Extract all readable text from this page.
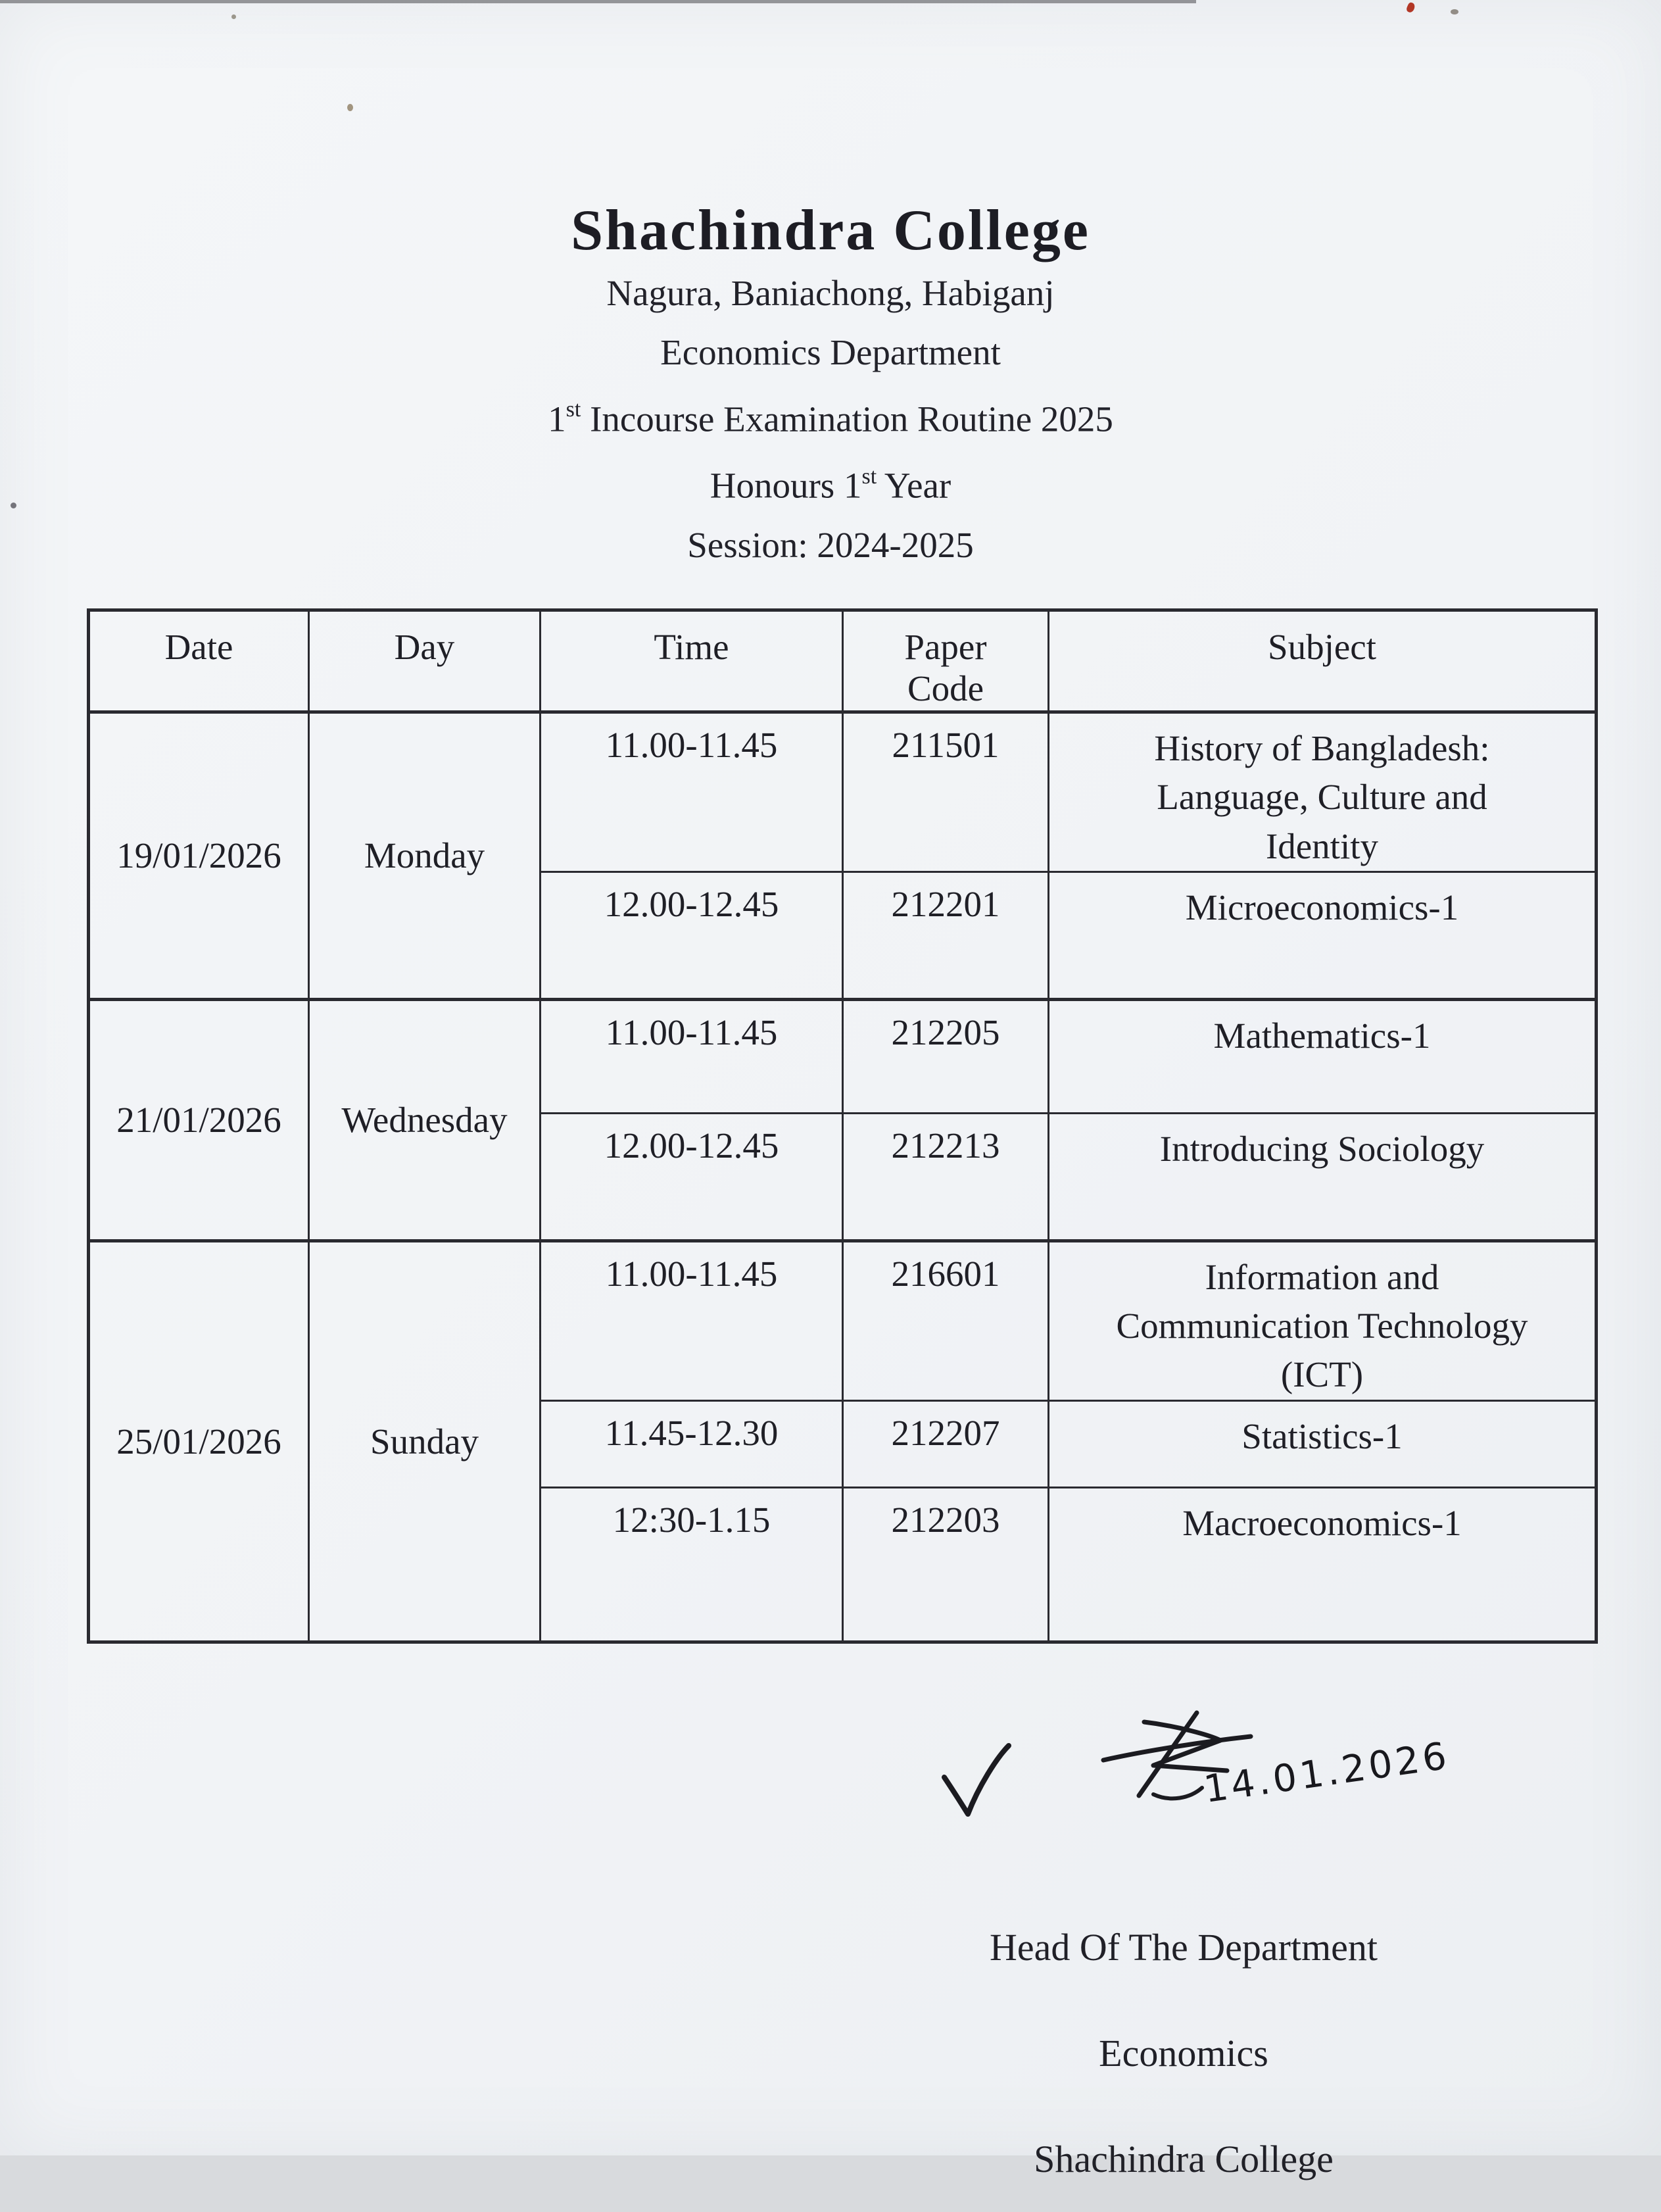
Shachindra College
Nagura, Baniachong, Habiganj
Economics Department
1st Incourse Examination Routine 2025
Honours 1st Year
Session: 2024-2025
Date	Day	Time	Paper Code	Subject
19/01/2026	Monday	11.00-11.45	211501	History of Bangladesh: Language, Culture and Identity
		12.00-12.45	212201	Microeconomics-1
21/01/2026	Wednesday	11.00-11.45	212205	Mathematics-1
		12.00-12.45	212213	Introducing Sociology
25/01/2026	Sunday	11.00-11.45	216601	Information and Communication Technology (ICT)
		11.45-12.30	212207	Statistics-1
		12:30-1.15	212203	Macroeconomics-1
14.01.2026
Head Of The Department
Economics
Shachindra College
